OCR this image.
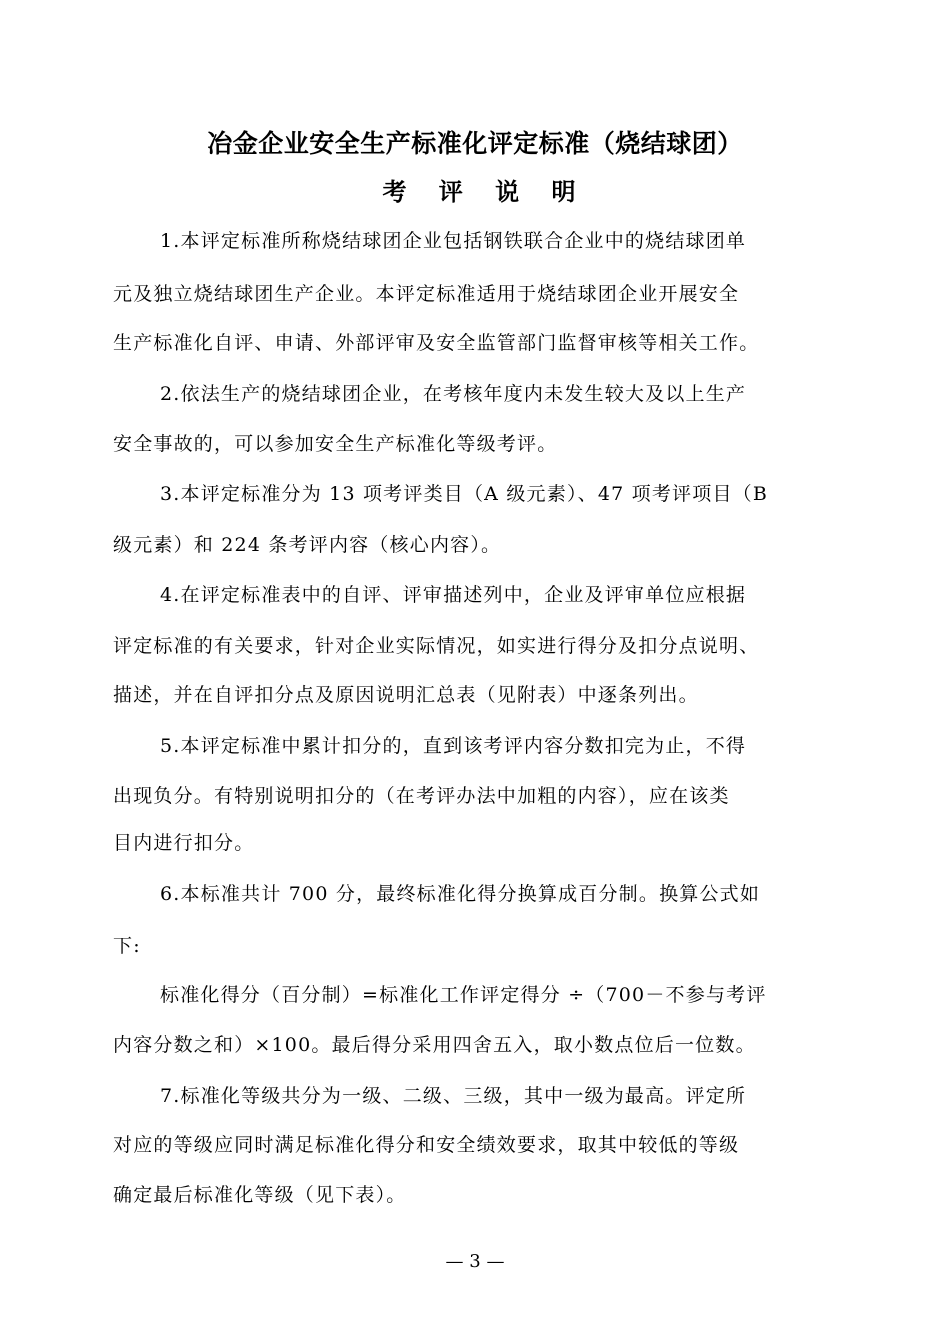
冶金企业安全生产标准化评定标准（烧结球团）
考 评 说 明
1.本评定标准所称烧结球团企业包括钢铁联合企业中的烧结球团单
元及独立烧结球团生产企业。本评定标准适用于烧结球团企业开展安全
生产标准化自评、申请、外部评审及安全监管部门监督审核等相关工作。
2.依法生产的烧结球团企业，在考核年度内未发生较大及以上生产
安全事故的，可以参加安全生产标准化等级考评。
3.本评定标准分为 13 项考评类目（A 级元素）、47 项考评项目（B
级元素）和 224 条考评内容（核心内容）。
4.在评定标准表中的自评、评审描述列中，企业及评审单位应根据
评定标准的有关要求，针对企业实际情况，如实进行得分及扣分点说明、
描述，并在自评扣分点及原因说明汇总表（见附表）中逐条列出。
5.本评定标准中累计扣分的，直到该考评内容分数扣完为止，不得
出现负分。有特别说明扣分的（在考评办法中加粗的内容），应在该类
目内进行扣分。
6.本标准共计 700 分，最终标准化得分换算成百分制。换算公式如
下:
标准化得分（百分制）=标准化工作评定得分 ÷（700－不参与考评
内容分数之和）×100。最后得分采用四舍五入，取小数点位后一位数。
7.标准化等级共分为一级、二级、三级，其中一级为最高。评定所
对应的等级应同时满足标准化得分和安全绩效要求，取其中较低的等级
确定最后标准化等级（见下表）。
— 3 —
